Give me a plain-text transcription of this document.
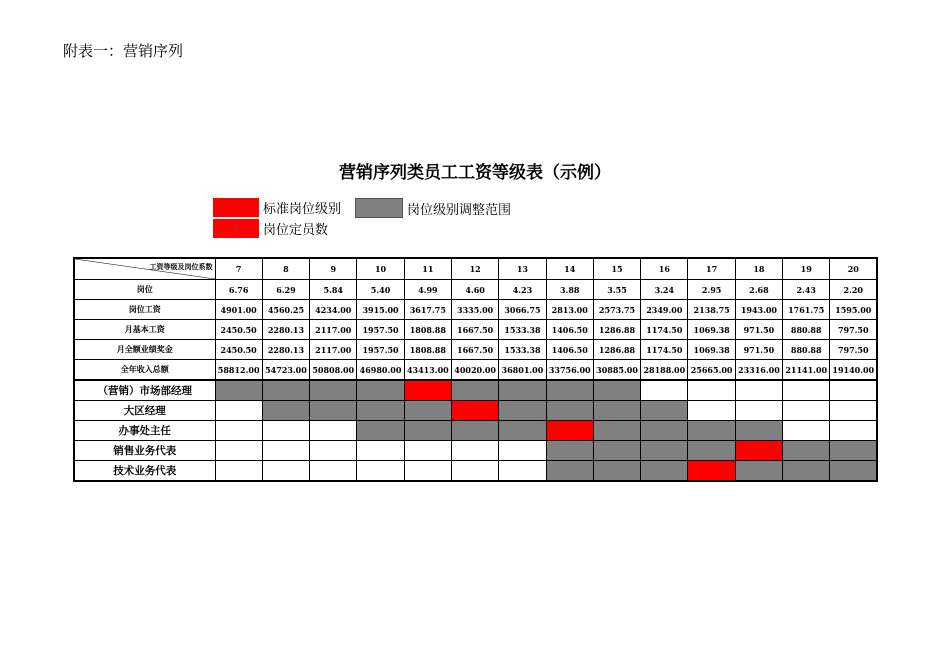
附表一：营销序列
营销序列类员工工资等级表（示例）
标准岗位级别	岗位级别调整范围
1	岗位定员数
工资等级及岗位系数	7	8	9	10	11	12	13	14	15	16	17	18	19	20
岗位	6.76	6.29	5.84	5.40	4.99	4.60	4.23	3.88	3.55	3.24	2.95	2.68	2.43	2.20
岗位工资	4901.00	4560.25	4234.00	3915.00	3617.75	3335.00	3066.75	2813.00	2573.75	2349.00	2138.75	1943.00	1761.75	1595.00
月基本工资	2450.50	2280.13	2117.00	1957.50	1808.88	1667.50	1533.38	1406.50	1286.88	1174.50	1069.38	971.50	880.88	797.50
月全额业绩奖金	2450.50	2280.13	2117.00	1957.50	1808.88	1667.50	1533.38	1406.50	1286.88	1174.50	1069.38	971.50	880.88	797.50
全年收入总额	58812.00	54723.00	50808.00	46980.00	43413.00	40020.00	36801.00	33756.00	30885.00	28188.00	25665.00	23316.00	21141.00	19140.00
（营销）市场部经理														
大区经理														
办事处主任														
销售业务代表														
技术业务代表														
